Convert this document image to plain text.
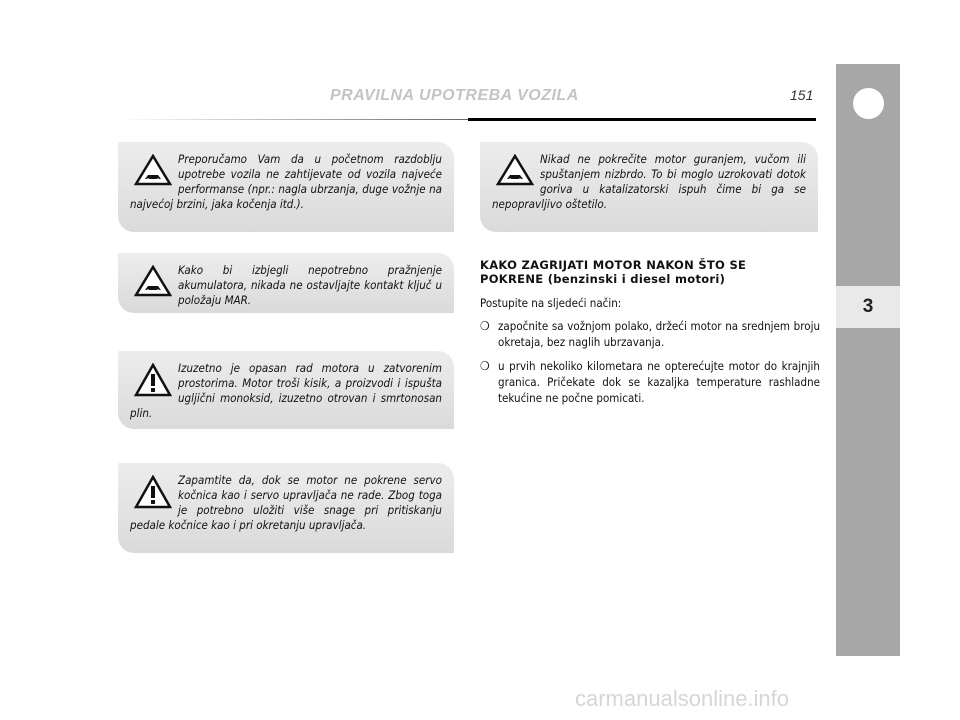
PRAVILNA UPOTREBA VOZILA	151
3
Preporučamo Vam da u početnom razdoblju upotrebe vozila ne zahtijevate od vozila najveće performanse (npr.: nagla ubrzanja, duge vožnje na najvećoj brzini, jaka kočenja itd.).
Kako bi izbjegli nepotrebno pražnjenje akumulatora, nikada ne ostavljajte kontakt ključ u položaju MAR.
Izuzetno je opasan rad motora u zatvorenim prostorima. Motor troši kisik, a proizvodi i ispušta ugljični monoksid, izuzetno otrovan i smrtonosan plin.
Zapamtite da, dok se motor ne pokrene servo kočnica kao i servo upravljača ne rade. Zbog toga je potrebno uložiti više snage pri pritiskanju pedale kočnice kao i pri okretanju upravljača.
Nikad ne pokrečite motor guranjem, vučom ili spuštanjem nizbrdo. To bi moglo uzrokovati dotok goriva u katalizatorski ispuh čime bi ga se nepopravljivo oštetilo.
KAKO ZAGRIJATI MOTOR NAKON ŠTO SE POKRENE (benzinski i diesel motori)
Postupite na sljedeći način:
❍ započnite sa vožnjom polako, držeći motor na srednjem broju okretaja, bez naglih ubrzavanja.
❍ u prvih nekoliko kilometara ne opterećujte motor do krajnjih granica. Pričekate dok se kazaljka temperature rashladne tekućine ne počne pomicati.
carmanualsonline.info
